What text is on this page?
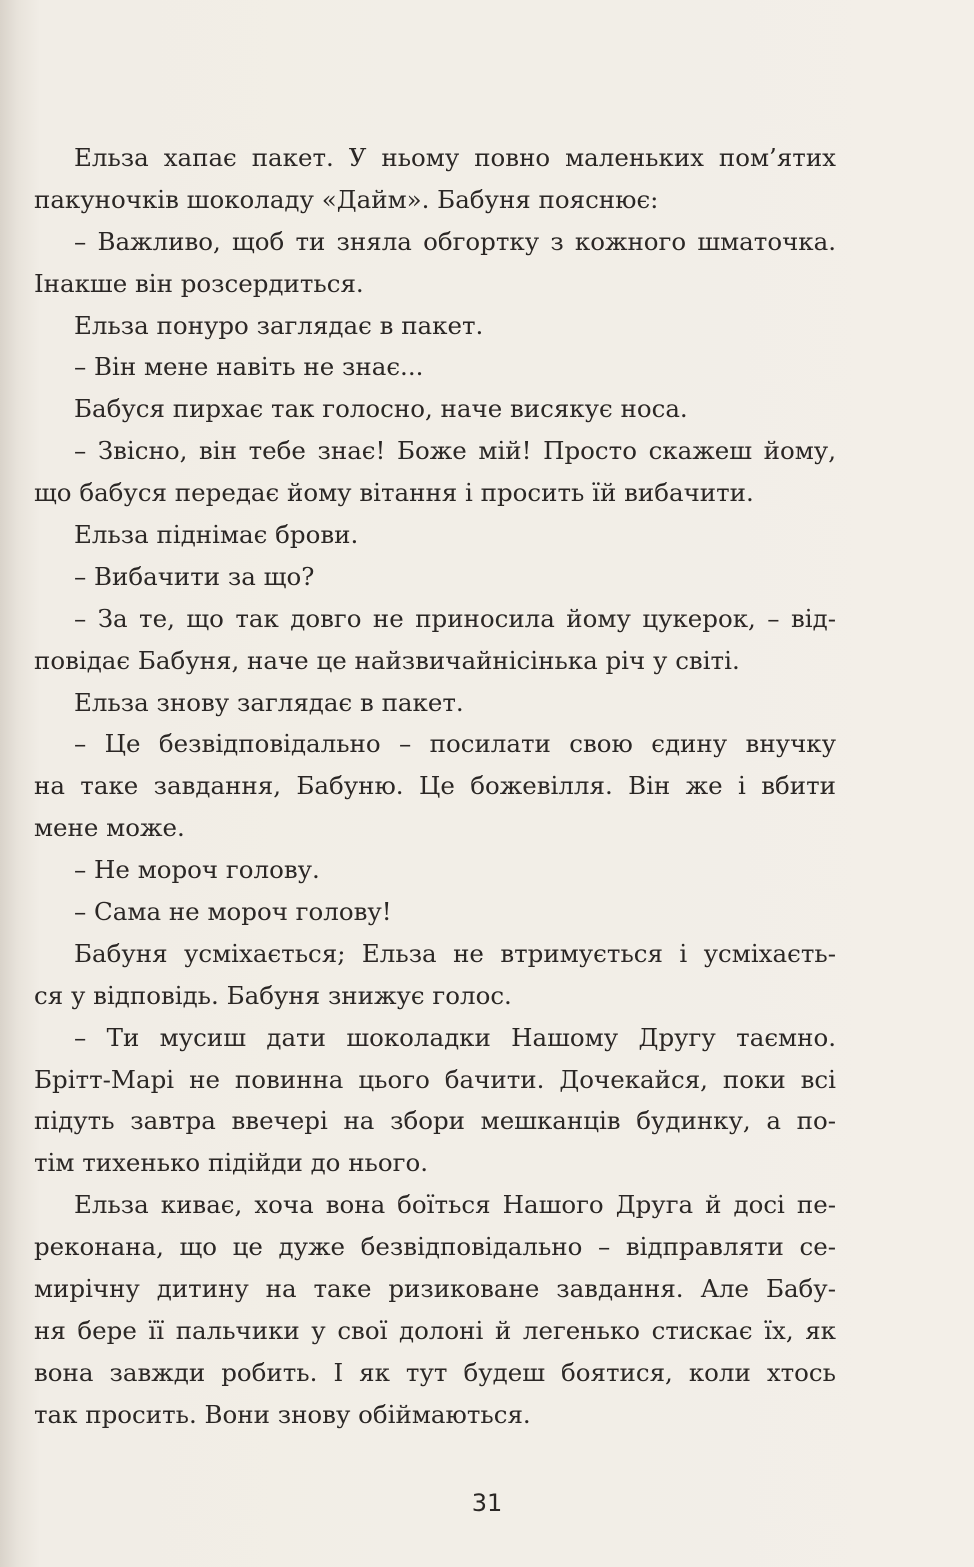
Ельза хапає пакет. У ньому повно маленьких пом’ятих
пакуночків шоколаду «Дайм». Бабуня пояснює:
– Важливо, щоб ти зняла обгортку з кожного шматочка.
Інакше він розсердиться.
Ельза понуро заглядає в пакет.
– Він мене навіть не знає...
Бабуся пирхає так голосно, наче висякує носа.
– Звісно, він тебе знає! Боже мій! Просто скажеш йому,
що бабуся передає йому вітання і просить їй вибачити.
Ельза піднімає брови.
– Вибачити за що?
– За те, що так довго не приносила йому цукерок, – від-
повідає Бабуня, наче це найзвичайнісінька річ у світі.
Ельза знову заглядає в пакет.
– Це безвідповідально – посилати свою єдину внучку
на таке завдання, Бабуню. Це божевілля. Він же і вбити
мене може.
– Не мороч голову.
– Сама не мороч голову!
Бабуня усміхається; Ельза не втримується і усміхаєть-
ся у відповідь. Бабуня знижує голос.
– Ти мусиш дати шоколадки Нашому Другу таємно.
Брітт-Марі не повинна цього бачити. Дочекайся, поки всі
підуть завтра ввечері на збори мешканців будинку, а по-
тім тихенько підійди до нього.
Ельза киває, хоча вона боїться Нашого Друга й досі пе-
реконана, що це дуже безвідповідально – відправляти се-
мирічну дитину на таке ризиковане завдання. Але Бабу-
ня бере її пальчики у свої долоні й легенько стискає їх, як
вона завжди робить. І як тут будеш боятися, коли хтось
так просить. Вони знову обіймаються.
31
